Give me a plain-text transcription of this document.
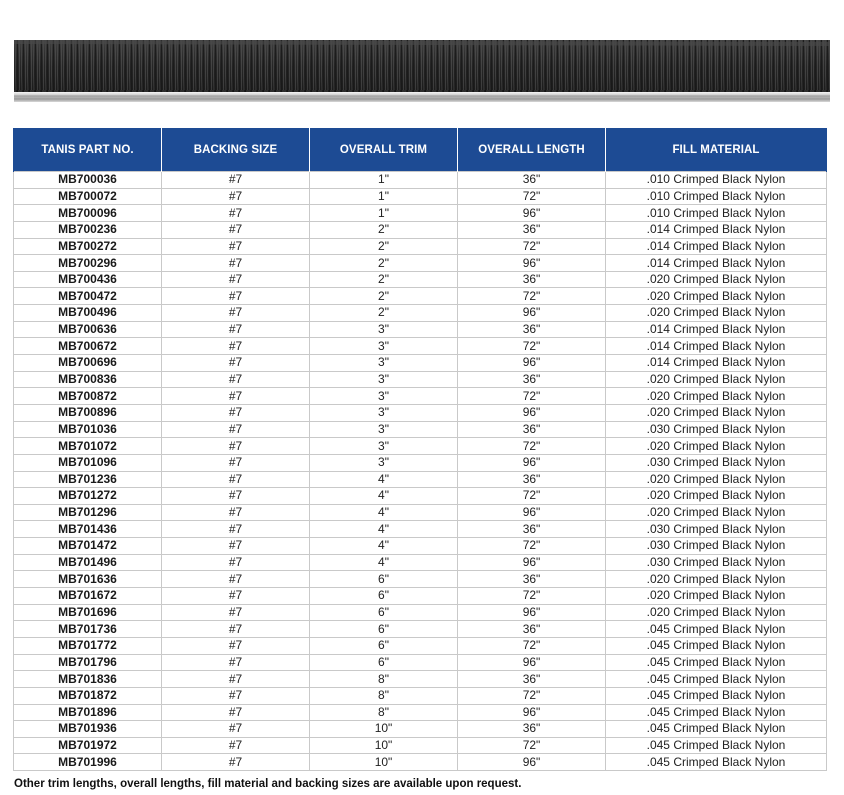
TANIS PART NO.	BACKING SIZE	OVERALL TRIM	OVERALL LENGTH	FILL MATERIAL
MB700036	#7	1"	36"	.010 Crimped Black Nylon
MB700072	#7	1"	72"	.010 Crimped Black Nylon
MB700096	#7	1"	96"	.010 Crimped Black Nylon
MB700236	#7	2"	36"	.014 Crimped Black Nylon
MB700272	#7	2"	72"	.014 Crimped Black Nylon
MB700296	#7	2"	96"	.014 Crimped Black Nylon
MB700436	#7	2"	36"	.020 Crimped Black Nylon
MB700472	#7	2"	72"	.020 Crimped Black Nylon
MB700496	#7	2"	96"	.020 Crimped Black Nylon
MB700636	#7	3"	36"	.014 Crimped Black Nylon
MB700672	#7	3"	72"	.014 Crimped Black Nylon
MB700696	#7	3"	96"	.014 Crimped Black Nylon
MB700836	#7	3"	36"	.020 Crimped Black Nylon
MB700872	#7	3"	72"	.020 Crimped Black Nylon
MB700896	#7	3"	96"	.020 Crimped Black Nylon
MB701036	#7	3"	36"	.030 Crimped Black Nylon
MB701072	#7	3"	72"	.020 Crimped Black Nylon
MB701096	#7	3"	96"	.030 Crimped Black Nylon
MB701236	#7	4"	36"	.020 Crimped Black Nylon
MB701272	#7	4"	72"	.020 Crimped Black Nylon
MB701296	#7	4"	96"	.020 Crimped Black Nylon
MB701436	#7	4"	36"	.030 Crimped Black Nylon
MB701472	#7	4"	72"	.030 Crimped Black Nylon
MB701496	#7	4"	96"	.030 Crimped Black Nylon
MB701636	#7	6"	36"	.020 Crimped Black Nylon
MB701672	#7	6"	72"	.020 Crimped Black Nylon
MB701696	#7	6"	96"	.020 Crimped Black Nylon
MB701736	#7	6"	36"	.045 Crimped Black Nylon
MB701772	#7	6"	72"	.045 Crimped Black Nylon
MB701796	#7	6"	96"	.045 Crimped Black Nylon
MB701836	#7	8"	36"	.045 Crimped Black Nylon
MB701872	#7	8"	72"	.045 Crimped Black Nylon
MB701896	#7	8"	96"	.045 Crimped Black Nylon
MB701936	#7	10"	36"	.045 Crimped Black Nylon
MB701972	#7	10"	72"	.045 Crimped Black Nylon
MB701996	#7	10"	96"	.045 Crimped Black Nylon
Other trim lengths, overall lengths, fill material and backing sizes are available upon request.
